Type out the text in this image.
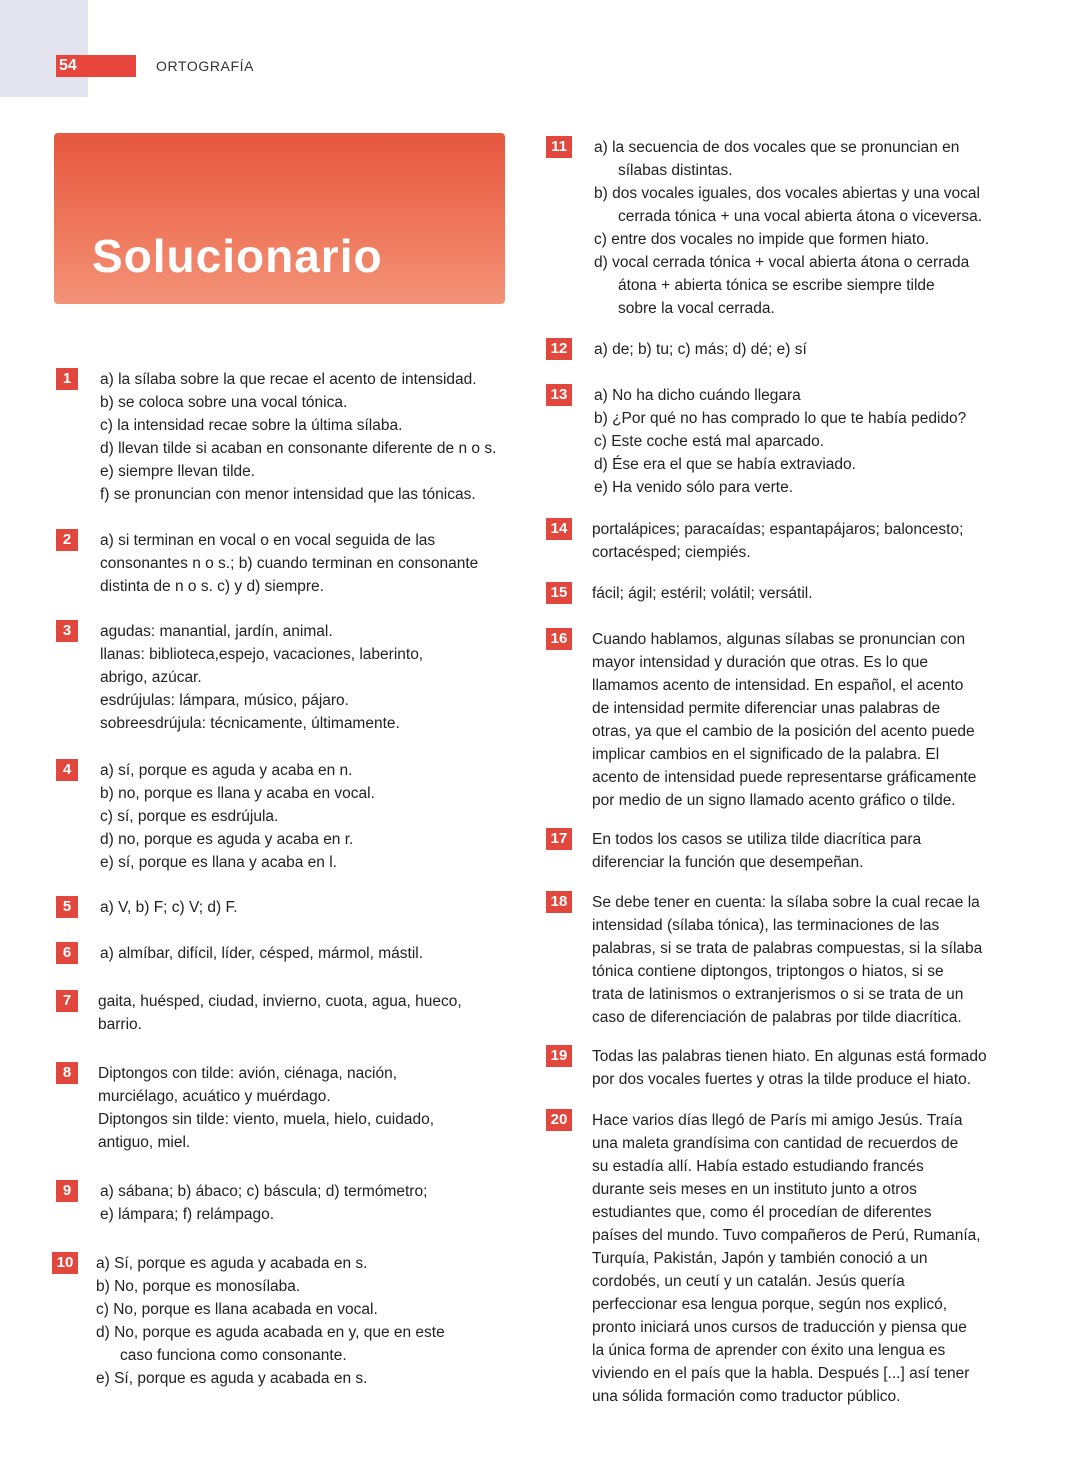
54	ORTOGRAFÍA
Solucionario
1	a) la sílaba sobre la que recae el acento de intensidad.
b) se coloca sobre una vocal tónica.
c) la intensidad recae sobre la última sílaba.
d) llevan tilde si acaban en consonante diferente de n o s.
e) siempre llevan tilde.
f) se pronuncian con menor intensidad que las tónicas.
2	a) si terminan en vocal o en vocal seguida de las
consonantes n o s.; b) cuando terminan en consonante
distinta de n o s. c) y d) siempre.
3	agudas: manantial, jardín, animal.
llanas: biblioteca,espejo, vacaciones, laberinto,
abrigo, azúcar.
esdrújulas: lámpara, músico, pájaro.
sobreesdrújula: técnicamente, últimamente.
4	a) sí, porque es aguda y acaba en n.
b) no, porque es llana y acaba en vocal.
c) sí, porque es esdrújula.
d) no, porque es aguda y acaba en r.
e) sí, porque es llana y acaba en l.
5	a) V, b) F; c) V; d) F.
6	a) almíbar, difícil, líder, césped, mármol, mástil.
7	gaita, huésped, ciudad, invierno, cuota, agua, hueco,
barrio.
8	Diptongos con tilde: avión, ciénaga, nación,
murciélago, acuático y muérdago.
Diptongos sin tilde: viento, muela, hielo, cuidado,
antiguo, miel.
9	a) sábana; b) ábaco; c) báscula; d) termómetro;
e) lámpara; f) relámpago.
10	a) Sí, porque es aguda y acabada en s.
b) No, porque es monosílaba.
c) No, porque es llana acabada en vocal.
d) No, porque es aguda acabada en y, que en este
caso funciona como consonante.
e) Sí, porque es aguda y acabada en s.
11	a) la secuencia de dos vocales que se pronuncian en
sílabas distintas.
b) dos vocales iguales, dos vocales abiertas y una vocal
cerrada tónica + una vocal abierta átona o viceversa.
c) entre dos vocales no impide que formen hiato.
d) vocal cerrada tónica + vocal abierta átona o cerrada
átona + abierta tónica se escribe siempre tilde
sobre la vocal cerrada.
12	a) de; b) tu; c) más; d) dé; e) sí
13	a) No ha dicho cuándo llegara
b) ¿Por qué no has comprado lo que te había pedido?
c) Este coche está mal aparcado.
d) Ése era el que se había extraviado.
e) Ha venido sólo para verte.
14	portalápices; paracaídas; espantapájaros; baloncesto;
cortacésped; ciempiés.
15	fácil; ágil; estéril; volátil; versátil.
16	Cuando hablamos, algunas sílabas se pronuncian con
mayor intensidad y duración que otras. Es lo que
llamamos acento de intensidad. En español, el acento
de intensidad permite diferenciar unas palabras de
otras, ya que el cambio de la posición del acento puede
implicar cambios en el significado de la palabra. El
acento de intensidad puede representarse gráficamente
por medio de un signo llamado acento gráfico o tilde.
17	En todos los casos se utiliza tilde diacrítica para
diferenciar la función que desempeñan.
18	Se debe tener en cuenta: la sílaba sobre la cual recae la
intensidad (sílaba tónica), las terminaciones de las
palabras, si se trata de palabras compuestas, si la sílaba
tónica contiene diptongos, triptongos o hiatos, si se
trata de latinismos o extranjerismos o si se trata de un
caso de diferenciación de palabras por tilde diacrítica.
19	Todas las palabras tienen hiato. En algunas está formado
por dos vocales fuertes y otras la tilde produce el hiato.
20	Hace varios días llegó de París mi amigo Jesús. Traía
una maleta grandísima con cantidad de recuerdos de
su estadía allí. Había estado estudiando francés
durante seis meses en un instituto junto a otros
estudiantes que, como él procedían de diferentes
países del mundo. Tuvo compañeros de Perú, Rumanía,
Turquía, Pakistán, Japón y también conoció a un
cordobés, un ceutí y un catalán. Jesús quería
perfeccionar esa lengua porque, según nos explicó,
pronto iniciará unos cursos de traducción y piensa que
la única forma de aprender con éxito una lengua es
viviendo en el país que la habla. Después [...] así tener
una sólida formación como traductor público.
